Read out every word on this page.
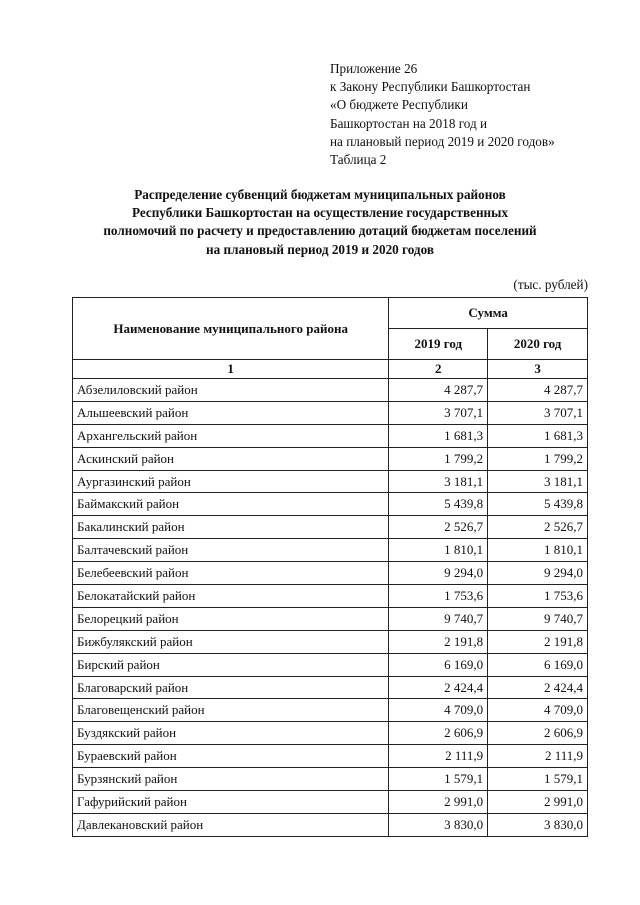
Приложение 26
к Закону Республики Башкортостан
«О бюджете Республики
Башкортостан на 2018 год и
на плановый период 2019 и 2020 годов»
Таблица 2
Распределение субвенций бюджетам муниципальных районов
Республики Башкортостан на осуществление государственных
полномочий по расчету и предоставлению дотаций бюджетам поселений
на плановый период 2019 и 2020 годов
(тыс. рублей)
Наименование муниципального района	Сумма	
	2019 год	2020 год
1	2	3
Абзелиловский район	4 287,7	4 287,7
Альшеевский район	3 707,1	3 707,1
Архангельский район	1 681,3	1 681,3
Аскинский район	1 799,2	1 799,2
Аургазинский район	3 181,1	3 181,1
Баймакский район	5 439,8	5 439,8
Бакалинский район	2 526,7	2 526,7
Балтачевский район	1 810,1	1 810,1
Белебеевский район	9 294,0	9 294,0
Белокатайский район	1 753,6	1 753,6
Белорецкий район	9 740,7	9 740,7
Бижбулякский район	2 191,8	2 191,8
Бирский район	6 169,0	6 169,0
Благоварский район	2 424,4	2 424,4
Благовещенский район	4 709,0	4 709,0
Буздякский район	2 606,9	2 606,9
Бураевский район	2 111,9	2 111,9
Бурзянский район	1 579,1	1 579,1
Гафурийский район	2 991,0	2 991,0
Давлекановский район	3 830,0	3 830,0
